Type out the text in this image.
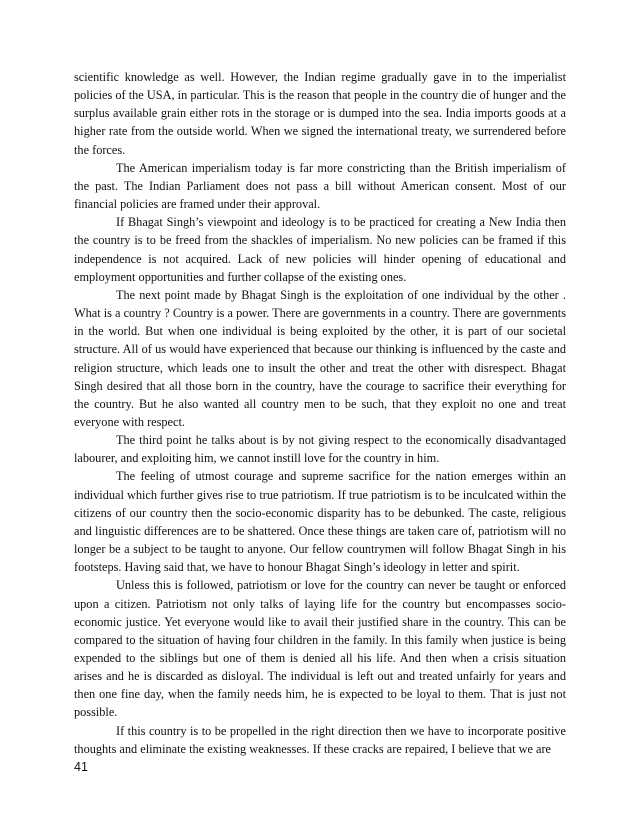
scientific knowledge as well. However, the Indian regime gradually gave in to the imperialist policies of the USA, in particular. This is the reason that people in the country die of hunger and the surplus available grain either rots in the storage or is dumped into the sea. India imports goods at a higher rate from the outside world. When we signed the international treaty, we surrendered before the forces.

The American imperialism today is far more constricting than the British imperialism of the past. The Indian Parliament does not pass a bill without American consent. Most of our financial policies are framed under their approval.

If Bhagat Singh’s viewpoint and ideology is to be practiced for creating a New India then the country is to be freed from the shackles of imperialism. No new policies can be framed if this independence is not acquired. Lack of new policies will hinder opening of educational and employment opportunities and further collapse of the existing ones.

The next point made by Bhagat Singh is the exploitation of one individual by the other . What is a country ? Country is a power. There are governments in a country. There are governments in the world. But when one individual is being exploited by the other, it is part of our societal structure. All of us would have experienced that because our thinking is influenced by the caste and religion structure, which leads one to insult the other and treat the other with disrespect. Bhagat Singh desired that all those born in the country, have the courage to sacrifice their everything for the country. But he also wanted all country men to be such, that they exploit no one and treat everyone with respect.

The third point he talks about is by not giving respect to the economically disadvantaged labourer, and exploiting him, we cannot instill love for the country in him.

The feeling of utmost courage and supreme sacrifice for the nation emerges within an individual which further gives rise to true patriotism. If true patriotism is to be inculcated within the citizens of our country then the socio-economic disparity has to be debunked. The caste, religious and linguistic differences are to be shattered. Once these things are taken care of, patriotism will no longer be a subject to be taught to anyone. Our fellow countrymen will follow Bhagat Singh in his footsteps. Having said that, we have to honour Bhagat Singh’s ideology in letter and spirit.

Unless this is followed, patriotism or love for the country can never be taught or enforced upon a citizen. Patriotism not only talks of laying life for the country but encompasses socio-economic justice. Yet everyone would like to avail their justified share in the country. This can be compared to the situation of having four children in the family. In this family when justice is being expended to the siblings but one of them is denied all his life. And then when a crisis situation arises and he is discarded as disloyal. The individual is left out and treated unfairly for years and then one fine day, when the family needs him, he is expected to be loyal to them. That is just not possible.

If this country is to be propelled in the right direction then we have to incorporate positive thoughts and eliminate the existing weaknesses. If these cracks are repaired, I believe that we are

41
